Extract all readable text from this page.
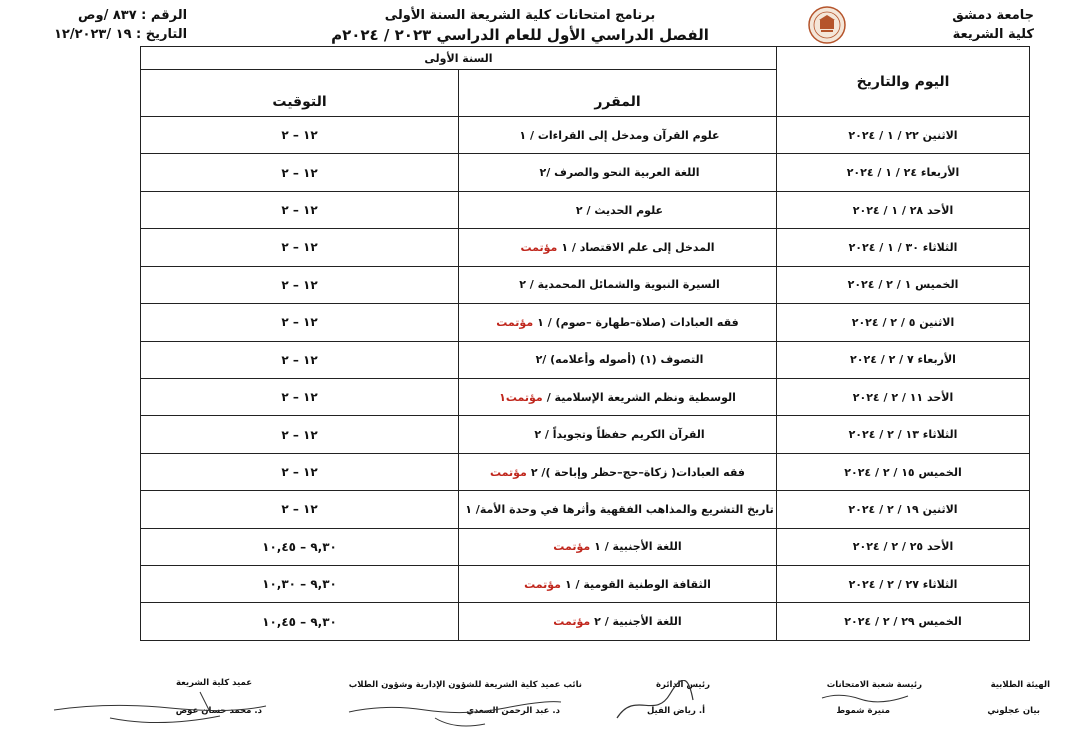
جامعة دمشق
كلية الشريعة
برنامج امتحانات كلية الشريعة السنة الأولى
الفصل الدراسي الأول للعام الدراسي ٢٠٢٣ / ٢٠٢٤م
الرقم : ٨٣٧ /وص
التاريخ : ١٩ /١٢/٢٠٢٣
اليوم والتاريخ	السنة الأولى	
	المقرر	التوقيت
الاثنين ٢٢ / ١ / ٢٠٢٤	علوم القرآن ومدخل إلى القراءات / ١	١٢ – ٢
الأربعاء ٢٤ / ١ / ٢٠٢٤	اللغة العربية النحو والصرف /٢	١٢ – ٢
الأحد ٢٨ / ١ / ٢٠٢٤	علوم الحديث / ٢	١٢ – ٢
الثلاثاء ٣٠ / ١ / ٢٠٢٤	المدخل إلى علم الاقتصاد / ١مؤتمت	١٢ – ٢
الخميس ١ / ٢ / ٢٠٢٤	السيرة النبوية والشمائل المحمدية / ٢	١٢ – ٢
الاثنين ٥ / ٢ / ٢٠٢٤	فقه العبادات (صلاة–طهارة –صوم) / ١مؤتمت	١٢ – ٢
الأربعاء ٧ / ٢ / ٢٠٢٤	التصوف (١) (أصوله وأعلامه) /٢	١٢ – ٢
الأحد ١١ / ٢ / ٢٠٢٤	الوسطية ونظم الشريعة الإسلامية /مؤتمت١	١٢ – ٢
الثلاثاء ١٣ / ٢ / ٢٠٢٤	القرآن الكريم حفظاً وتجويداً / ٢	١٢ – ٢
الخميس ١٥ / ٢ / ٢٠٢٤	فقه العبادات( زكاة–حج–حظر وإباحة )/ ٢مؤتمت	١٢ – ٢
الاثنين ١٩ / ٢ / ٢٠٢٤	تاريخ التشريع والمذاهب الفقهية وأثرها في وحدة الأمة/ ١	١٢ – ٢
الأحد ٢٥ / ٢ / ٢٠٢٤	اللغة الأجنبية / ١مؤتمت	٩,٣٠ – ١٠,٤٥
الثلاثاء ٢٧ / ٢ / ٢٠٢٤	الثقافة الوطنية القومية / ١مؤتمت	٩,٣٠ – ١٠,٣٠
الخميس ٢٩ / ٢ / ٢٠٢٤	اللغة الأجنبية / ٢مؤتمت	٩,٣٠ – ١٠,٤٥
الهيئة الطلابية
بيان عجلوني
رئيسة شعبة الامتحانات
منيرة شموط
رئيس الدائرة
أ. رياض الفيل
نائب عميد كلية الشريعة للشؤون الإدارية وشؤون الطلاب
د. عبد الرحمن السعدي
عميد كلية الشريعة
د. محمد حسان عوض
